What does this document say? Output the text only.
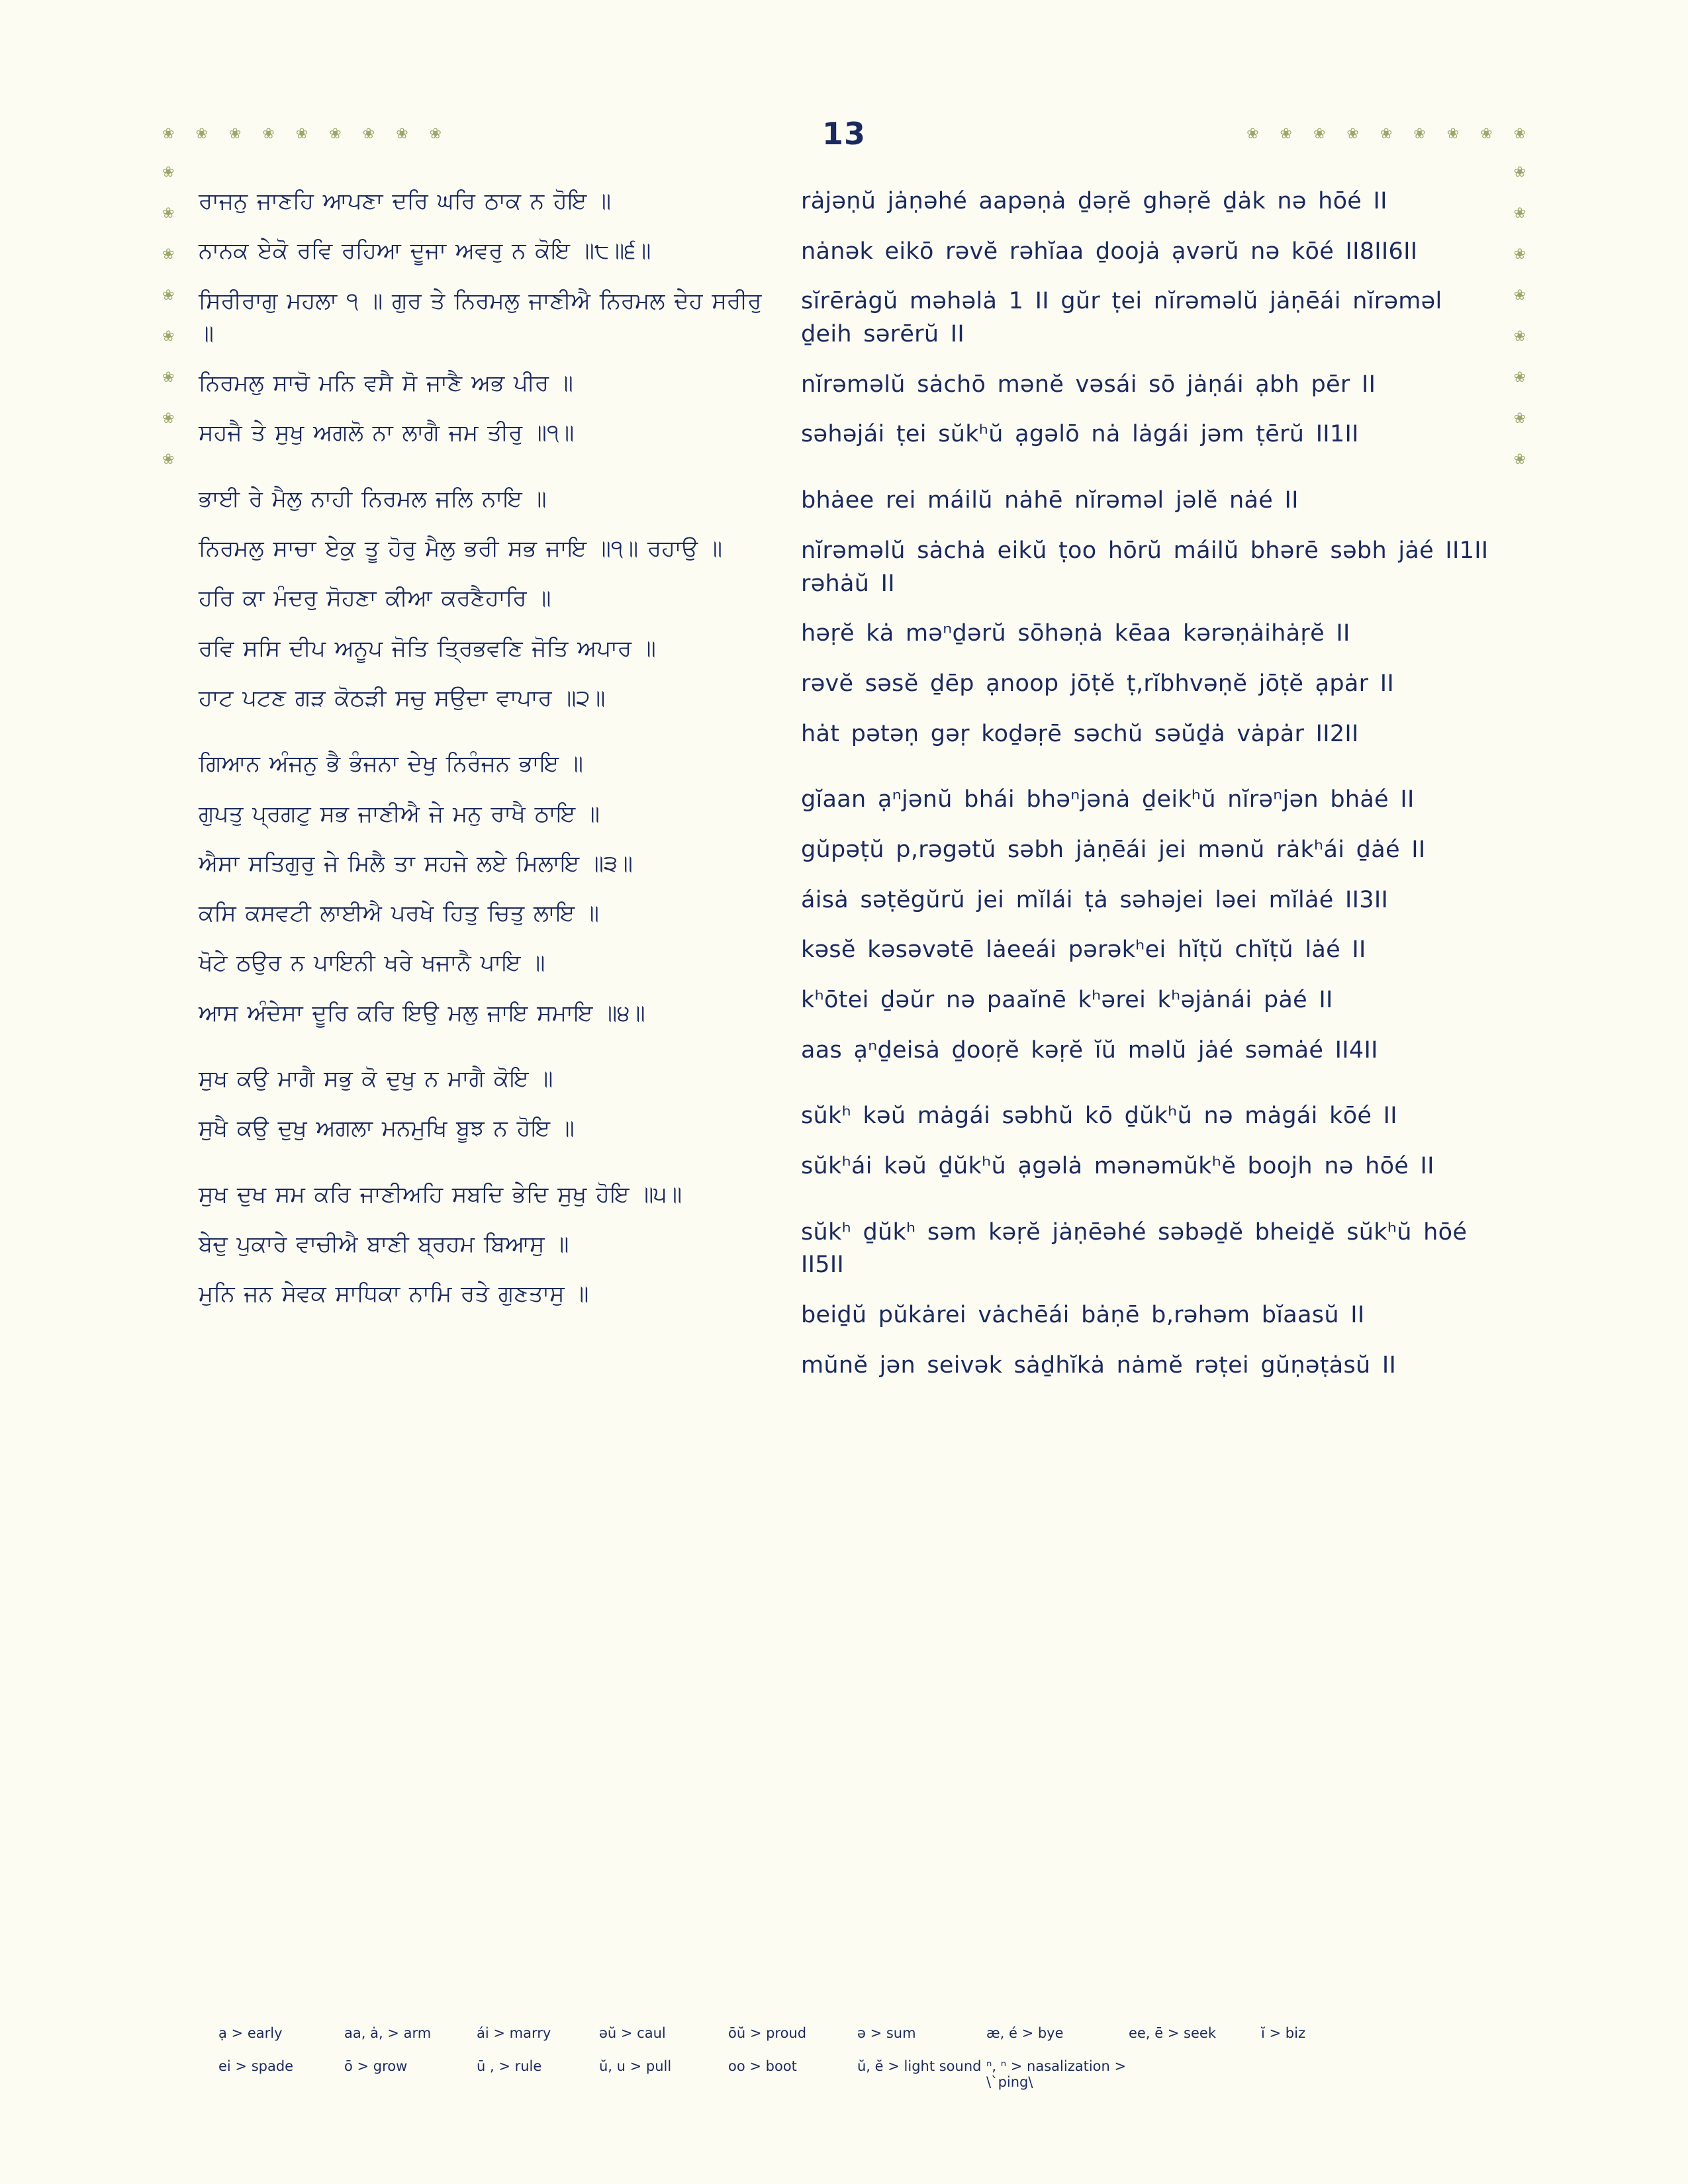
13
❀ ❀ ❀ ❀ ❀ ❀ ❀ ❀ ❀	❀ ❀ ❀ ❀ ❀ ❀ ❀ ❀ ❀
❀
❀
❀
❀
❀
❀
❀
❀
❀
❀
❀
❀
❀
❀
❀
❀
ਰਾਜਨੁ ਜਾਣਹਿ ਆਪਣਾ ਦਰਿ ਘਰਿ ਠਾਕ ਨ ਹੋਇ ॥
ਨਾਨਕ ਏਕੋ ਰਵਿ ਰਹਿਆ ਦੂਜਾ ਅਵਰੁ ਨ ਕੋਇ ॥੮॥੬॥
ਸਿਰੀਰਾਗੁ ਮਹਲਾ ੧ ॥ ਗੁਰ ਤੇ ਨਿਰਮਲੁ ਜਾਣੀਐ ਨਿਰਮਲ ਦੇਹ ਸਰੀਰੁ ॥
ਨਿਰਮਲੁ ਸਾਚੋ ਮਨਿ ਵਸੈ ਸੋ ਜਾਣੈ ਅਭ ਪੀਰ ॥
ਸਹਜੈ ਤੇ ਸੁਖੁ ਅਗਲੋ ਨਾ ਲਾਗੈ ਜਮ ਤੀਰੁ ॥੧॥
ਭਾਈ ਰੇ ਮੈਲੁ ਨਾਹੀ ਨਿਰਮਲ ਜਲਿ ਨਾਇ ॥
ਨਿਰਮਲੁ ਸਾਚਾ ਏਕੁ ਤੂ ਹੋਰੁ ਮੈਲੁ ਭਰੀ ਸਭ ਜਾਇ ॥੧॥ ਰਹਾਉ ॥
ਹਰਿ ਕਾ ਮੰਦਰੁ ਸੋਹਣਾ ਕੀਆ ਕਰਣੈਹਾਰਿ ॥
ਰਵਿ ਸਸਿ ਦੀਪ ਅਨੂਪ ਜੋਤਿ ਤ੍ਰਿਭਵਣਿ ਜੋਤਿ ਅਪਾਰ ॥
ਹਾਟ ਪਟਣ ਗੜ ਕੋਠੜੀ ਸਚੁ ਸਉਦਾ ਵਾਪਾਰ ॥੨॥
ਗਿਆਨ ਅੰਜਨੁ ਭੈ ਭੰਜਨਾ ਦੇਖੁ ਨਿਰੰਜਨ ਭਾਇ ॥
ਗੁਪਤੁ ਪ੍ਰਗਟੁ ਸਭ ਜਾਣੀਐ ਜੇ ਮਨੁ ਰਾਖੈ ਠਾਇ ॥
ਐਸਾ ਸਤਿਗੁਰੁ ਜੇ ਮਿਲੈ ਤਾ ਸਹਜੇ ਲਏ ਮਿਲਾਇ ॥੩॥
ਕਸਿ ਕਸਵਟੀ ਲਾਈਐ ਪਰਖੇ ਹਿਤੁ ਚਿਤੁ ਲਾਇ ॥
ਖੋਟੇ ਠਉਰ ਨ ਪਾਇਨੀ ਖਰੇ ਖਜਾਨੈ ਪਾਇ ॥
ਆਸ ਅੰਦੇਸਾ ਦੂਰਿ ਕਰਿ ਇਉ ਮਲੁ ਜਾਇ ਸਮਾਇ ॥੪॥
ਸੁਖ ਕਉ ਮਾਗੈ ਸਭੁ ਕੋ ਦੁਖੁ ਨ ਮਾਗੈ ਕੋਇ ॥
ਸੁਖੈ ਕਉ ਦੁਖੁ ਅਗਲਾ ਮਨਮੁਖਿ ਬੂਝ ਨ ਹੋਇ ॥
ਸੁਖ ਦੁਖ ਸਮ ਕਰਿ ਜਾਣੀਅਹਿ ਸਬਦਿ ਭੇਦਿ ਸੁਖੁ ਹੋਇ ॥੫॥
ਬੇਦੁ ਪੁਕਾਰੇ ਵਾਚੀਐ ਬਾਣੀ ਬ੍ਰਹਮ ਬਿਆਸੁ ॥
ਮੁਨਿ ਜਨ ਸੇਵਕ ਸਾਧਿਕਾ ਨਾਮਿ ਰਤੇ ਗੁਣਤਾਸੁ ॥
rȧjəṇŭ jȧṇəhé aapəṇȧ ḏəṛĕ ghəṛĕ ḏȧk nə hōé II
nȧnək eikō rəvĕ rəhĭaa ḏoojȧ ạvərŭ nə kōé II8II6II
sĭrērȧgŭ məhəlȧ 1 II gŭr ṭei nĭrəməlŭ jȧṇēái nĭrəməl ḏeih sərērŭ II
nĭrəməlŭ sȧchō mənĕ vəsái sō jȧṇái ạbh pēr II
səhəjái ṭei sŭkʰŭ ạgəlō nȧ lȧgái jəm ṭērŭ II1II
bhȧee rei máilŭ nȧhē nĭrəməl jəlĕ nȧé II
nĭrəməlŭ sȧchȧ eikŭ ṭoo hōrŭ máilŭ bhərē səbh jȧé II1II rəhȧŭ II
həṛĕ kȧ məⁿḏərŭ sōhəṇȧ kēaa kərəṇȧihȧṛĕ II
rəvĕ səsĕ ḏēp ạnoop jōṭĕ ṭ‚rĭbhvəṇĕ jōṭĕ ạpȧr II
hȧt pətəṇ gəṛ koḏəṛē səchŭ səŭ̇ḏȧ vȧpȧr II2II
gĭaan ạⁿjənŭ bhái bhəⁿjənȧ ḏeikʰŭ nĭrəⁿjən bhȧé II
gŭpəṭŭ p‚rəgətŭ səbh jȧṇēái jei mənŭ rȧkʰái ḏȧé II
áisȧ səṭĕgŭrŭ jei mĭlái ṭȧ səhəjei ləei mĭlȧé II3II
kəsĕ kəsəvətē lȧeeái pərəkʰei hĭṭŭ chĭṭŭ lȧé II
kʰōtei ḏəŭr nə paaĭnē kʰərei kʰəjȧnái pȧé II
aas ạⁿḏeisȧ ḏooṛĕ kəṛĕ ĭŭ məlŭ jȧé səmȧé II4II
sŭkʰ kəŭ mȧgái səbhŭ kō ḏŭkʰŭ nə mȧgái kōé II
sŭkʰái kəŭ ḏŭkʰŭ ạgəlȧ mənəmŭkʰĕ boojh nə hōé II
sŭkʰ ḏŭkʰ səm kəṛĕ jȧṇēəhé səbəḏĕ bheiḏĕ sŭkʰŭ hōé II5II
beiḏŭ pŭkȧrei vȧchēái bȧṇē b‚rəhəm bĭaasŭ II
mŭnĕ jən seivək sȧḏhĭkȧ nȧmĕ rəṭei gŭṇəṭȧsŭ II
ạ > early	aa, ȧ, > arm	ái > marry	əŭ > caul	ōŭ̇ > proud	ə > sum	æ, é > bye	ee, ē > seek	ĭ > biz
ei > spade	ō > grow	ū , > rule	ŭ, u > pull	oo > boot	ŭ, ĕ > light sound ⁿ, ⁿ > nasalization > \`ping\
